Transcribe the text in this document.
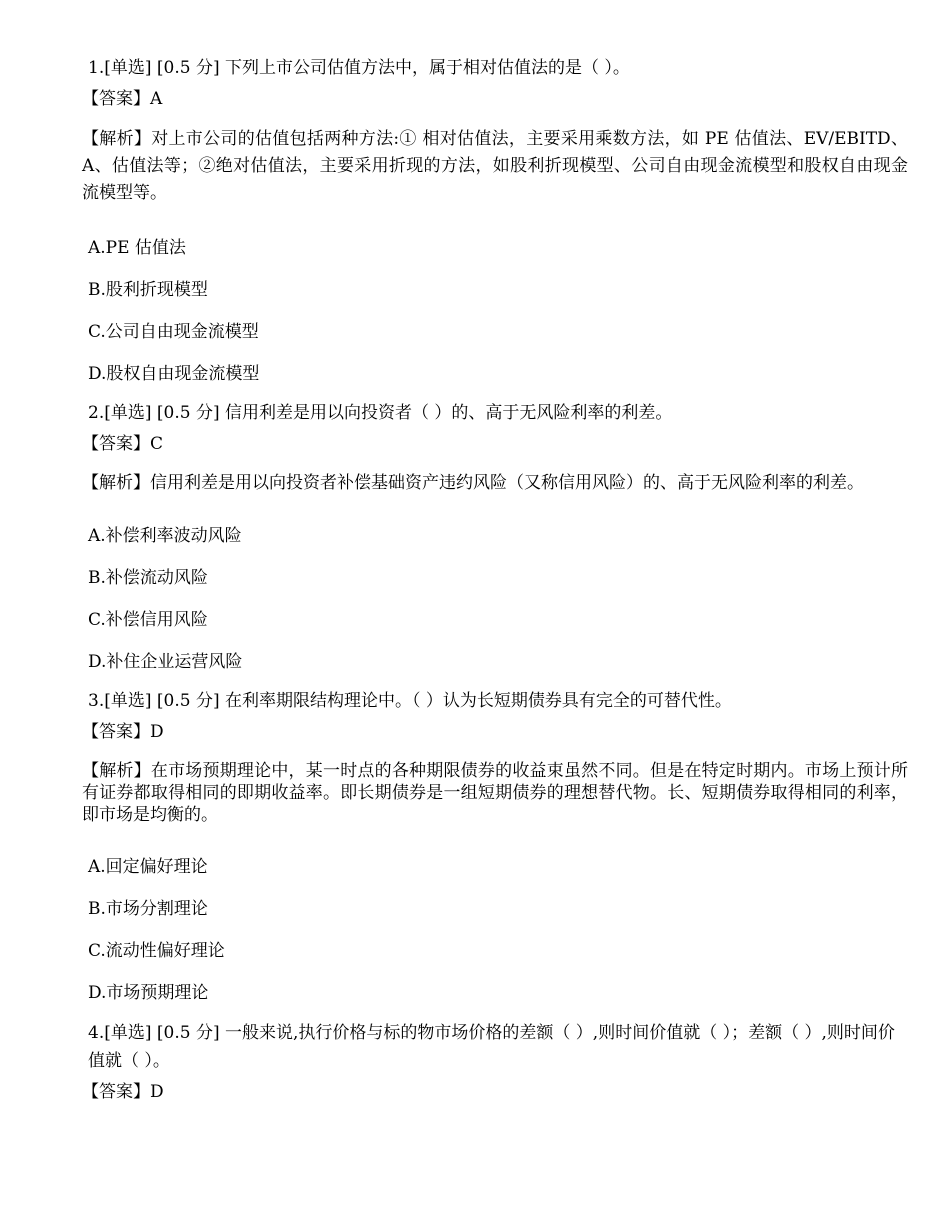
1.[单选] [0.5 分] 下列上市公司估值方法中，属于相对估值法的是（ ）。

【答案】A

【解析】对上市公司的估值包括两种方法:① 相对估值法，主要采用乘数方法，如 PE 估值法、EV/EBITD、A、估值法等；②绝对估值法，主要采用折现的方法，如股利折现模型、公司自由现金流模型和股权自由现金流模型等。

A.PE 估值法

B.股利折现模型

C.公司自由现金流模型

D.股权自由现金流模型

2.[单选] [0.5 分] 信用利差是用以向投资者（ ）的、高于无风险利率的利差。

【答案】C

【解析】信用利差是用以向投资者补偿基础资产违约风险（又称信用风险）的、高于无风险利率的利差。

A.补偿利率波动风险

B.补偿流动风险

C.补偿信用风险

D.补住企业运营风险

3.[单选] [0.5 分] 在利率期限结构理论中。（ ）认为长短期债券具有完全的可替代性。

【答案】D

【解析】在市场预期理论中，某一时点的各种期限债券的收益束虽然不同。但是在特定时期内。市场上预计所有证券都取得相同的即期收益率。即长期债券是一组短期债券的理想替代物。长、短期债券取得相同的利率，即市场是均衡的。

A.回定偏好理论

B.市场分割理论

C.流动性偏好理论

D.市场预期理论

4.[单选] [0.5 分] 一般来说,执行价格与标的物市场价格的差额（ ）,则时间价值就（ ）；差额（ ）,则时间价值就（ ）。

【答案】D
